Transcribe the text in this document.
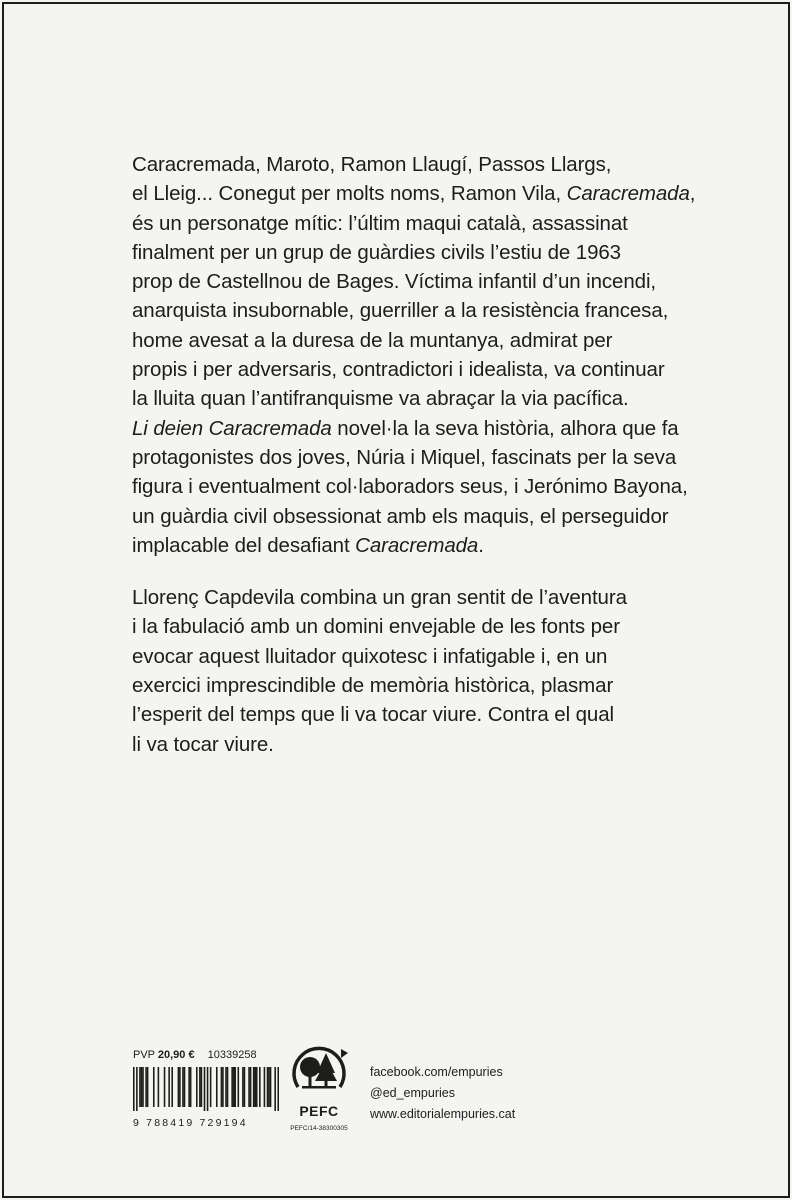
Caracremada, Maroto, Ramon Llaugí, Passos Llargs,
el Lleig... Conegut per molts noms, Ramon Vila, Caracremada,
és un personatge mític: l’últim maqui català, assassinat
finalment per un grup de guàrdies civils l’estiu de 1963
prop de Castellnou de Bages. Víctima infantil d’un incendi,
anarquista insubornable, guerriller a la resistència francesa,
home avesat a la duresa de la muntanya, admirat per
propis i per adversaris, contradictori i idealista, va continuar
la lluita quan l’antifranquisme va abraçar la via pacífica.
Li deien Caracremada novel·la la seva història, alhora que fa
protagonistes dos joves, Núria i Miquel, fascinats per la seva
figura i eventualment col·laboradors seus, i Jerónimo Bayona,
un guàrdia civil obsessionat amb els maquis, el perseguidor
implacable del desafiant Caracremada.
Llorenç Capdevila combina un gran sentit de l’aventura
i la fabulació amb un domini envejable de les fonts per
evocar aquest lluitador quixotesc i infatigable i, en un
exercici imprescindible de memòria històrica, plasmar
l’esperit del temps que li va tocar viure. Contra el qual
li va tocar viure.
PVP 20,90 € 10339258
9 788419 729194
PEFC
PEFC/14-38300305
facebook.com/empuries
@ed_empuries
www.editorialempuries.cat
